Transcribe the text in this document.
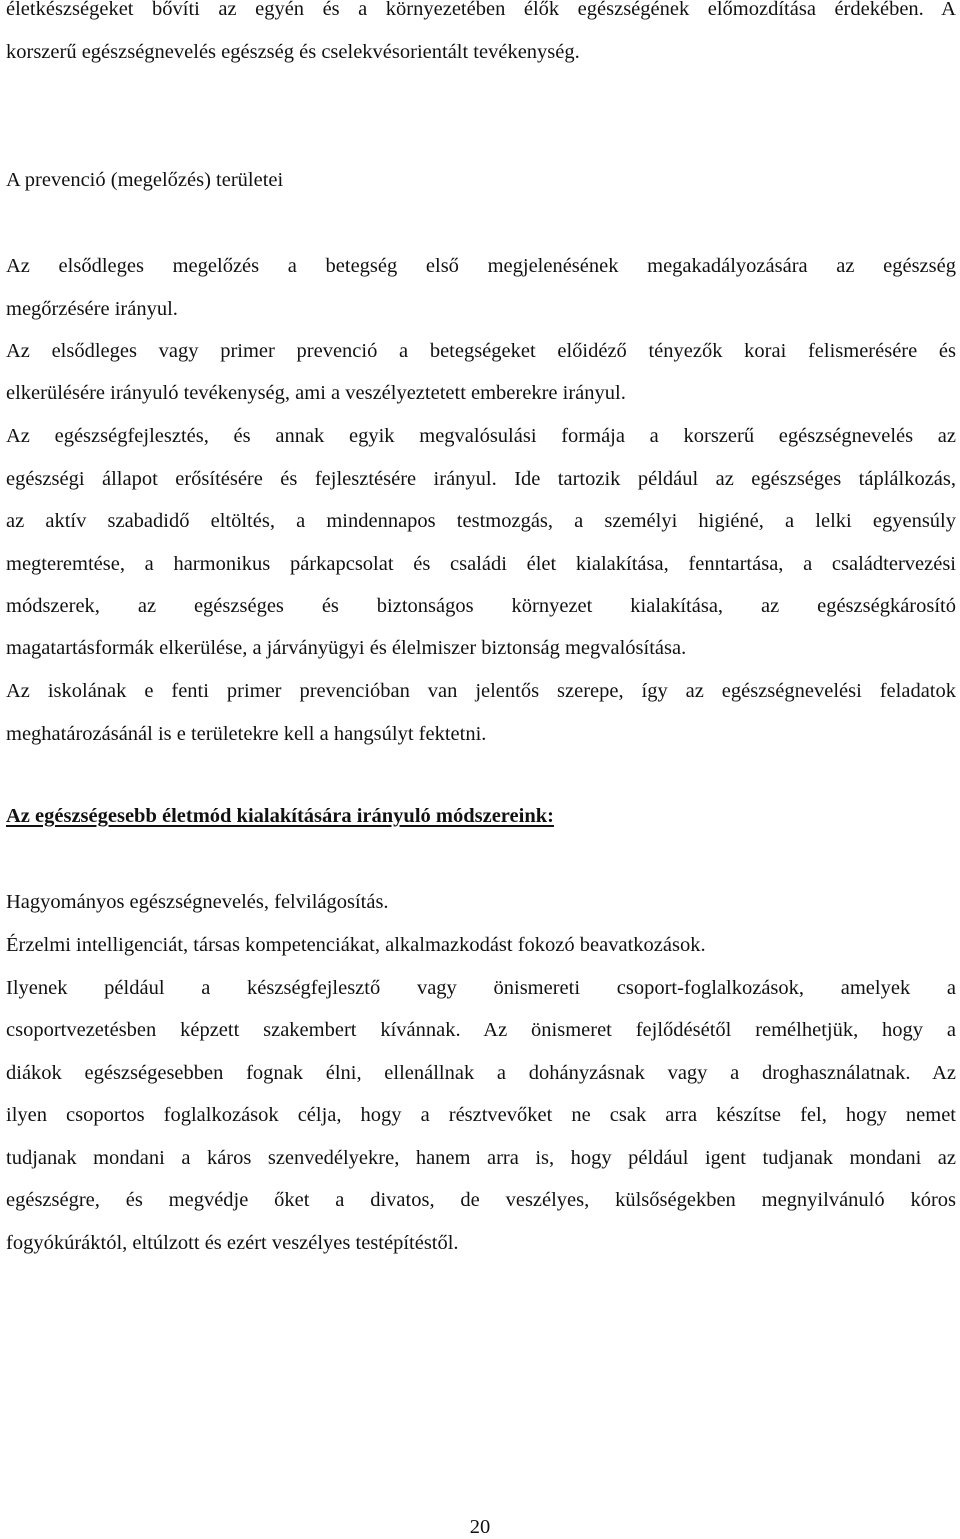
életkészségeket bővíti az egyén és a környezetében élők egészségének előmozdítása érdekében. A
korszerű egészségnevelés egészség és cselekvésorientált tevékenység.
A prevenció (megelőzés) területei
Az elsődleges megelőzés a betegség első megjelenésének megakadályozására az egészség
megőrzésére irányul.
Az elsődleges vagy primer prevenció a betegségeket előidéző tényezők korai felismerésére és
elkerülésére irányuló tevékenység, ami a veszélyeztetett emberekre irányul.
Az egészségfejlesztés, és annak egyik megvalósulási formája a korszerű egészségnevelés az
egészségi állapot erősítésére és fejlesztésére irányul. Ide tartozik például az egészséges táplálkozás,
az aktív szabadidő eltöltés, a mindennapos testmozgás, a személyi higiéné, a lelki egyensúly
megteremtése, a harmonikus párkapcsolat és családi élet kialakítása, fenntartása, a családtervezési
módszerek, az egészséges és biztonságos környezet kialakítása, az egészségkárosító
magatartásformák elkerülése, a járványügyi és élelmiszer biztonság megvalósítása.
Az iskolának e fenti primer prevencióban van jelentős szerepe, így az egészségnevelési feladatok
meghatározásánál is e területekre kell a hangsúlyt fektetni.
Az egészségesebb életmód kialakítására irányuló módszereink:
Hagyományos egészségnevelés, felvilágosítás.
Érzelmi intelligenciát, társas kompetenciákat, alkalmazkodást fokozó beavatkozások.
Ilyenek például a készségfejlesztő vagy önismereti csoport-foglalkozások, amelyek a
csoportvezetésben képzett szakembert kívánnak. Az önismeret fejlődésétől remélhetjük, hogy a
diákok egészségesebben fognak élni, ellenállnak a dohányzásnak vagy a droghasználatnak. Az
ilyen csoportos foglalkozások célja, hogy a résztvevőket ne csak arra készítse fel, hogy nemet
tudjanak mondani a káros szenvedélyekre, hanem arra is, hogy például igent tudjanak mondani az
egészségre, és megvédje őket a divatos, de veszélyes, külsőségekben megnyilvánuló kóros
fogyókúráktól, eltúlzott és ezért veszélyes testépítéstől.
20
